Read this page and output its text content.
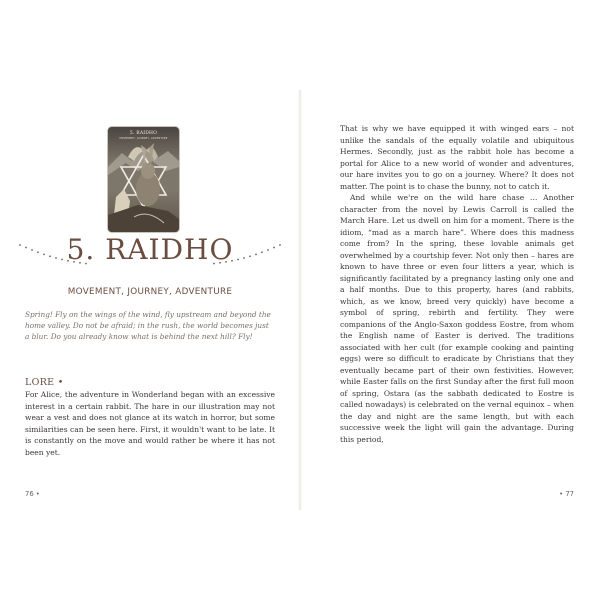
5. RAIDHO
MOVEMENT, JOURNEY, ADVENTURE
5. RAIDHO
MOVEMENT, JOURNEY, ADVENTURE
Spring! Fly on the wings of the wind, fly upstream and beyond the home valley. Do not be afraid; in the rush, the world becomes just a blur. Do you already know what is behind the next hill? Fly!
LORE •
For Alice, the adventure in Wonderland began with an excessive interest in a certain rabbit. The hare in our illustration may not wear a vest and does not glance at its watch in horror, but some similarities can be seen here. First, it wouldn't want to be late. It is constantly on the move and would rather be where it has not been yet.
76 •

That is why we have equipped it with winged ears – not unlike the sandals of the equally volatile and ubiquitous Hermes. Secondly, just as the rabbit hole has become a portal for Alice to a new world of wonder and adventures, our hare invites you to go on a journey. Where? It does not matter. The point is to chase the bunny, not to catch it.

And while we're on the wild hare chase … Another character from the novel by Lewis Carroll is called the March Hare. Let us dwell on him for a moment. There is the idiom, “mad as a march hare”. Where does this madness come from? In the spring, these lovable animals get overwhelmed by a courtship fever. Not only then – hares are known to have three or even four litters a year, which is significantly facilitated by a pregnancy lasting only one and a half months. Due to this property, hares (and rabbits, which, as we know, breed very quickly) have become a symbol of spring, rebirth and fertility. They were companions of the Anglo-Saxon goddess Eostre, from whom the English name of Easter is derived. The traditions associated with her cult (for example cooking and painting eggs) were so difficult to eradicate by Christians that they eventually became part of their own festivities. However, while Easter falls on the first Sunday after the first full moon of spring, Ostara (as the sabbath dedicated to Eostre is called nowadays) is celebrated on the vernal equinox – when the day and night are the same length, but with each successive week the light will gain the advantage. During this period,

• 77
